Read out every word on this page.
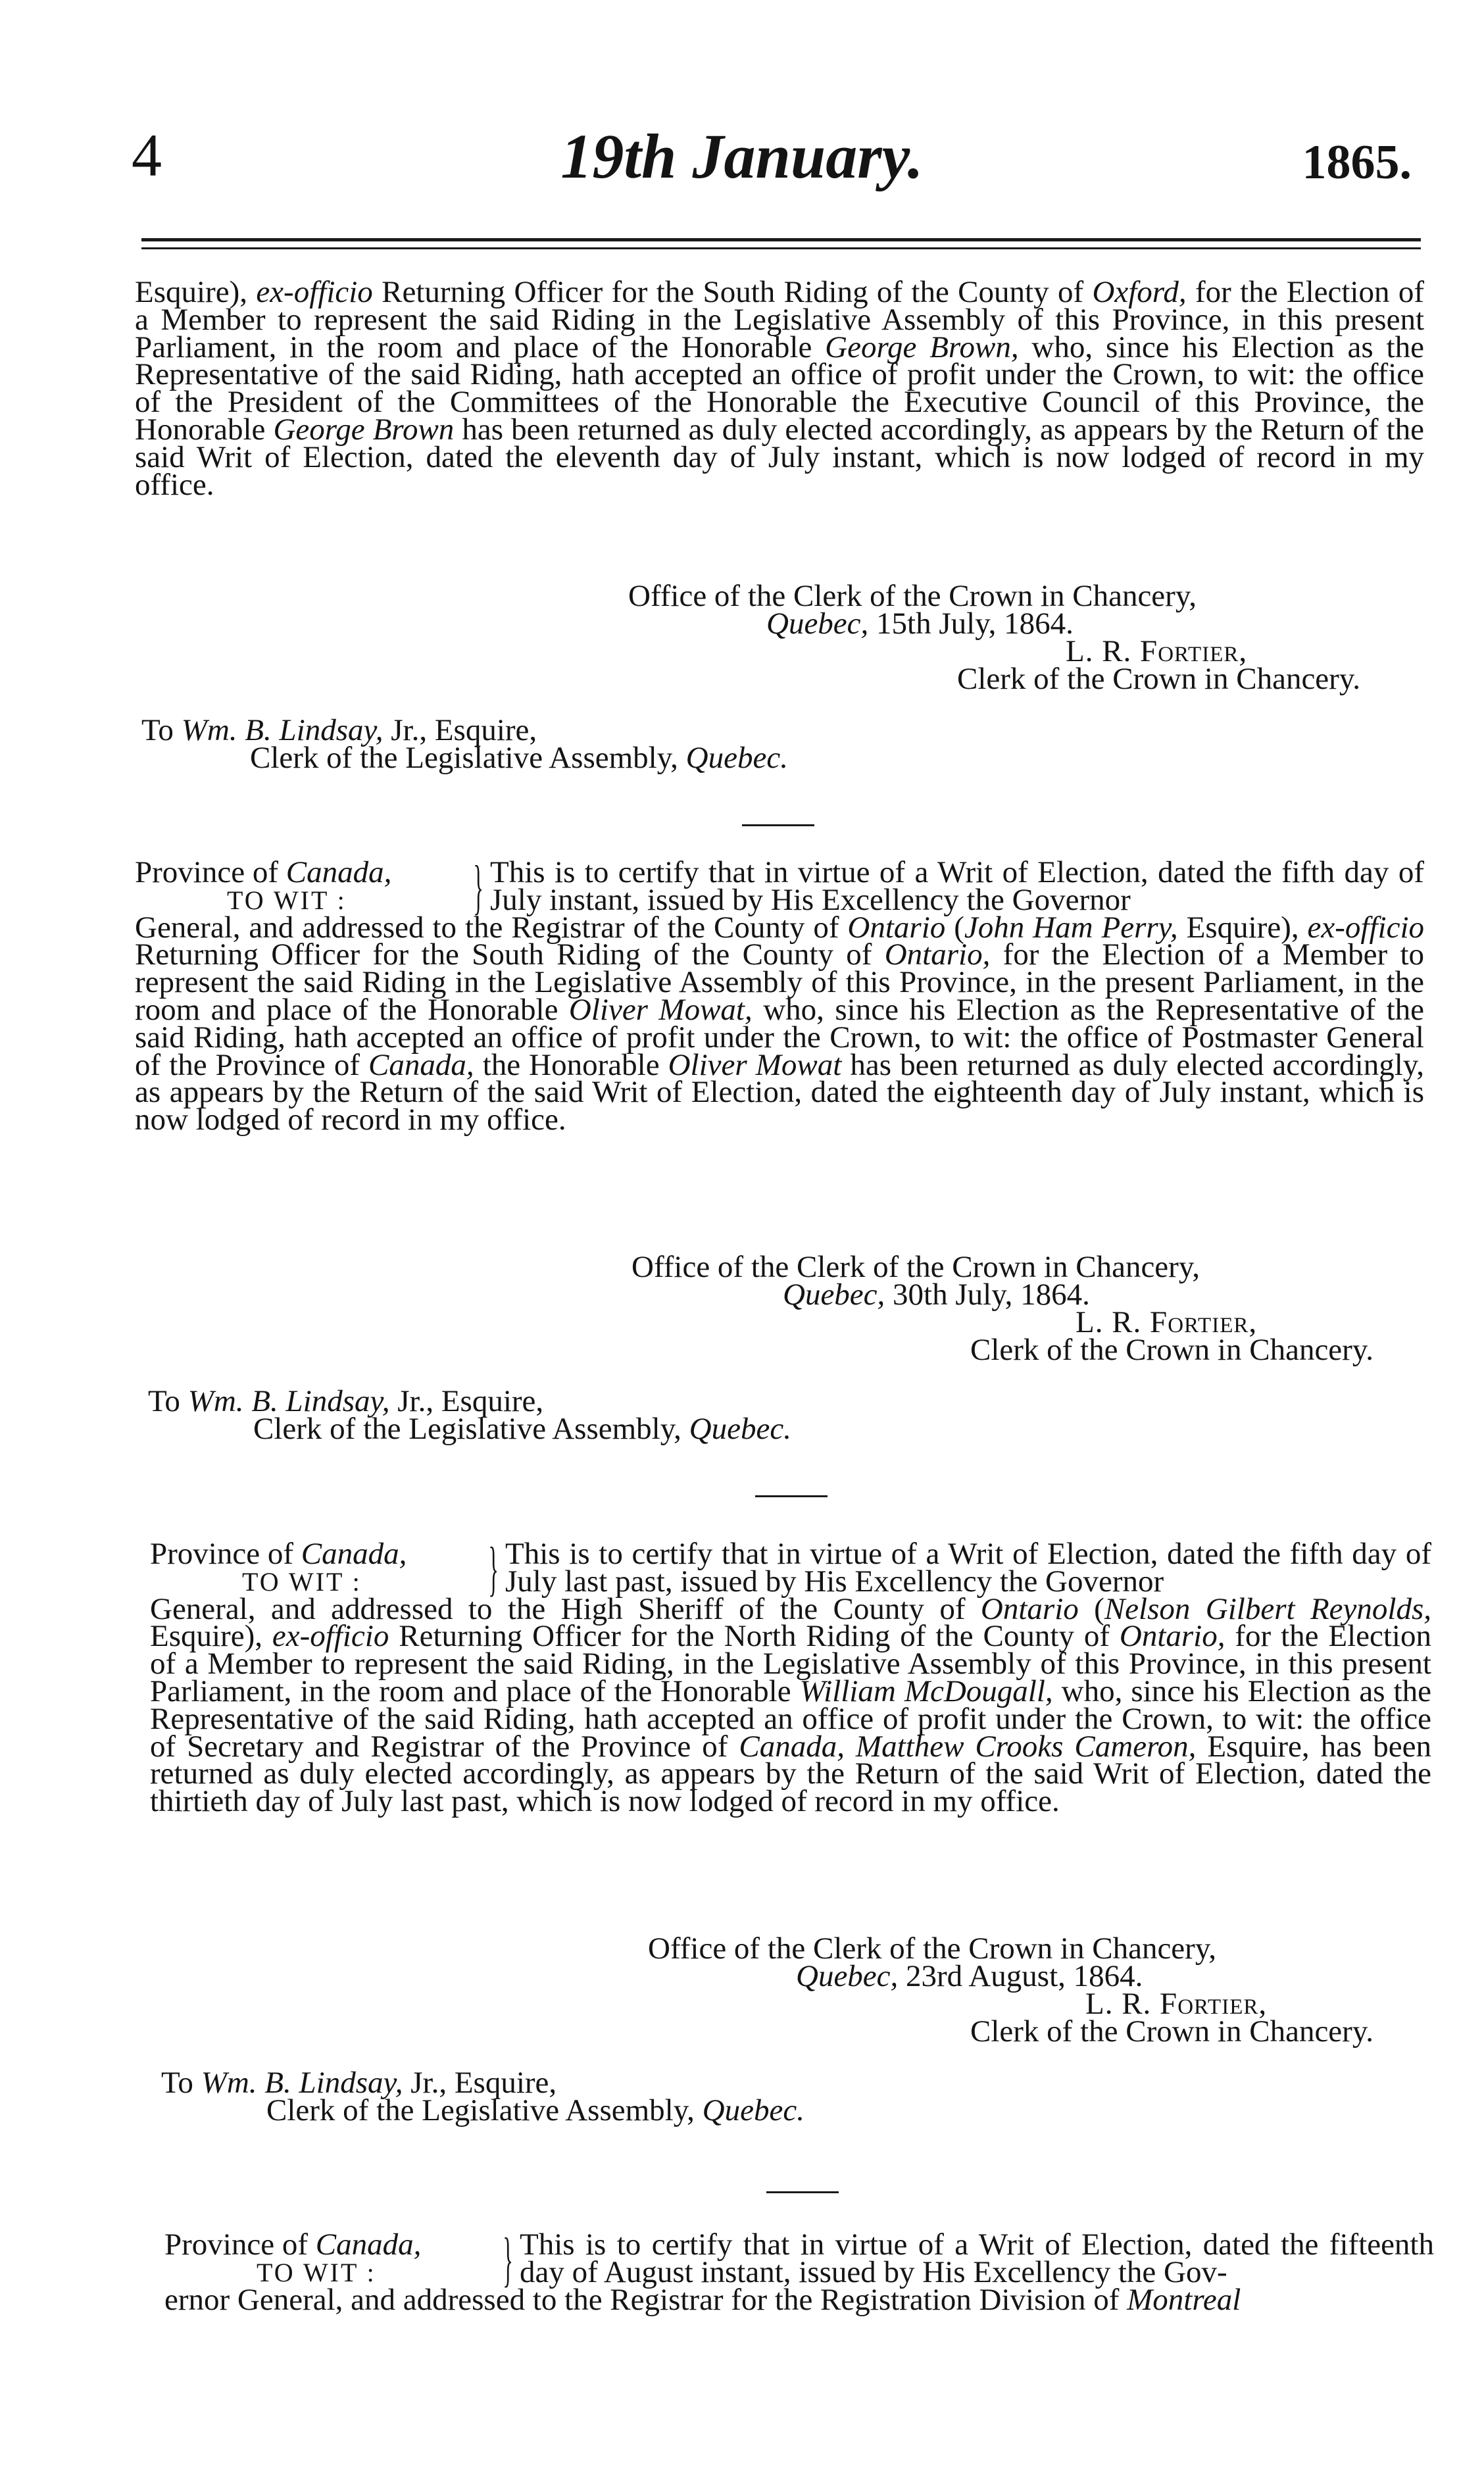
4	19th January.	1865.

Esquire), ex-officio Returning Officer for the South Riding of the County of Oxford, for the Election of a Member to represent the said Riding in the Legislative Assembly of this Province, in this present Parliament, in the room and place of the Honorable George Brown, who, since his Election as the Representative of the said Riding, hath accepted an office of profit under the Crown, to wit: the office of the President of the Committees of the Honorable the Executive Council of this Province, the Honorable George Brown has been returned as duly elected accordingly, as appears by the Return of the said Writ of Election, dated the eleventh day of July instant, which is now lodged of record in my office.

Office of the Clerk of the Crown in Chancery,
Quebec, 15th July, 1864.
L. R. Fortier,
Clerk of the Crown in Chancery.
To Wm. B. Lindsay, Jr., Esquire,
Clerk of the Legislative Assembly, Quebec.
Province of Canada,
TO WIT :	} This is to certify that in virtue of a Writ of Election, dated the fifth day of July instant, issued by His Excellency the Governor
General, and addressed to the Registrar of the County of Ontario (John Ham Perry, Esquire), ex-officio Returning Officer for the South Riding of the County of Ontario, for the Election of a Member to represent the said Riding in the Legislative Assembly of this Province, in the present Parliament, in the room and place of the Honorable Oliver Mowat, who, since his Election as the Representative of the said Riding, hath accepted an office of profit under the Crown, to wit: the office of Postmaster General of the Province of Canada, the Honorable Oliver Mowat has been returned as duly elected accordingly, as appears by the Return of the said Writ of Election, dated the eighteenth day of July instant, which is now lodged of record in my office.
Office of the Clerk of the Crown in Chancery,
Quebec, 30th July, 1864.
L. R. Fortier,
Clerk of the Crown in Chancery.
To Wm. B. Lindsay, Jr., Esquire,
Clerk of the Legislative Assembly, Quebec.
Province of Canada,
TO WIT :	} This is to certify that in virtue of a Writ of Election, dated the fifth day of July last past, issued by His Excellency the Governor
General, and addressed to the High Sheriff of the County of Ontario (Nelson Gilbert Reynolds, Esquire), ex-officio Returning Officer for the North Riding of the County of Ontario, for the Election of a Member to represent the said Riding, in the Legislative Assembly of this Province, in this present Parliament, in the room and place of the Honorable William McDougall, who, since his Election as the Representative of the said Riding, hath accepted an office of profit under the Crown, to wit: the office of Secretary and Registrar of the Province of Canada, Matthew Crooks Cameron, Esquire, has been returned as duly elected accordingly, as appears by the Return of the said Writ of Election, dated the thirtieth day of July last past, which is now lodged of record in my office.
Office of the Clerk of the Crown in Chancery,
Quebec, 23rd August, 1864.
L. R. Fortier,
Clerk of the Crown in Chancery.
To Wm. B. Lindsay, Jr., Esquire,
Clerk of the Legislative Assembly, Quebec.
Province of Canada,
TO WIT :	} This is to certify that in virtue of a Writ of Election, dated the fifteenth day of August instant, issued by His Excellency the Gov-
ernor General, and addressed to the Registrar for the Registration Division of Montreal
